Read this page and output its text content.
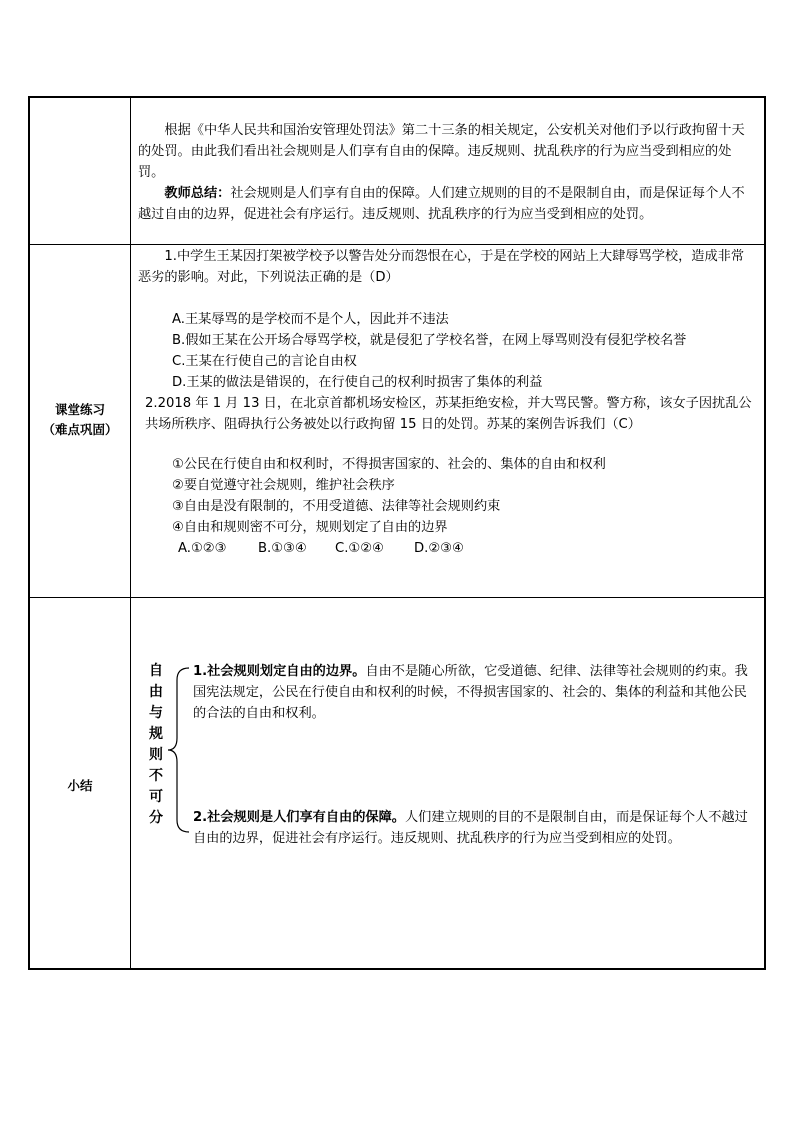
根据《中华人民共和国治安管理处罚法》第二十三条的相关规定，公安机关对他们予以行政拘留十天的处罚。由此我们看出社会规则是人们享有自由的保障。违反规则、扰乱秩序的行为应当受到相应的处罚。
教师总结：社会规则是人们享有自由的保障。人们建立规则的目的不是限制自由，而是保证每个人不越过自由的边界，促进社会有序运行。违反规则、扰乱秩序的行为应当受到相应的处罚。
课堂练习
（难点巩固）
1.中学生王某因打架被学校予以警告处分而怨恨在心，于是在学校的网站上大肆辱骂学校，造成非常恶劣的影响。对此，下列说法正确的是（D）
A.王某辱骂的是学校而不是个人，因此并不违法
B.假如王某在公开场合辱骂学校，就是侵犯了学校名誉，在网上辱骂则没有侵犯学校名誉
C.王某在行使自己的言论自由权
D.王某的做法是错误的，在行使自己的权利时损害了集体的利益
2.2018 年 1 月 13 日，在北京首都机场安检区，苏某拒绝安检，并大骂民警。警方称，该女子因扰乱公共场所秩序、阻碍执行公务被处以行政拘留 15 日的处罚。苏某的案例告诉我们（C）
①公民在行使自由和权利时，不得损害国家的、社会的、集体的自由和权利
②要自觉遵守社会规则，维护社会秩序
③自由是没有限制的，不用受道德、法律等社会规则约束
④自由和规则密不可分，规则划定了自由的边界
A.①②③ B.①③④ C.①②④ D.②③④
小结
自
由
与
规
则
不
可
分
1.社会规则划定自由的边界。自由不是随心所欲，它受道德、纪律、法律等社会规则的约束。我国宪法规定，公民在行使自由和权利的时候，不得损害国家的、社会的、集体的利益和其他公民的合法的自由和权利。
2.社会规则是人们享有自由的保障。人们建立规则的目的不是限制自由，而是保证每个人不越过自由的边界，促进社会有序运行。违反规则、扰乱秩序的行为应当受到相应的处罚。
